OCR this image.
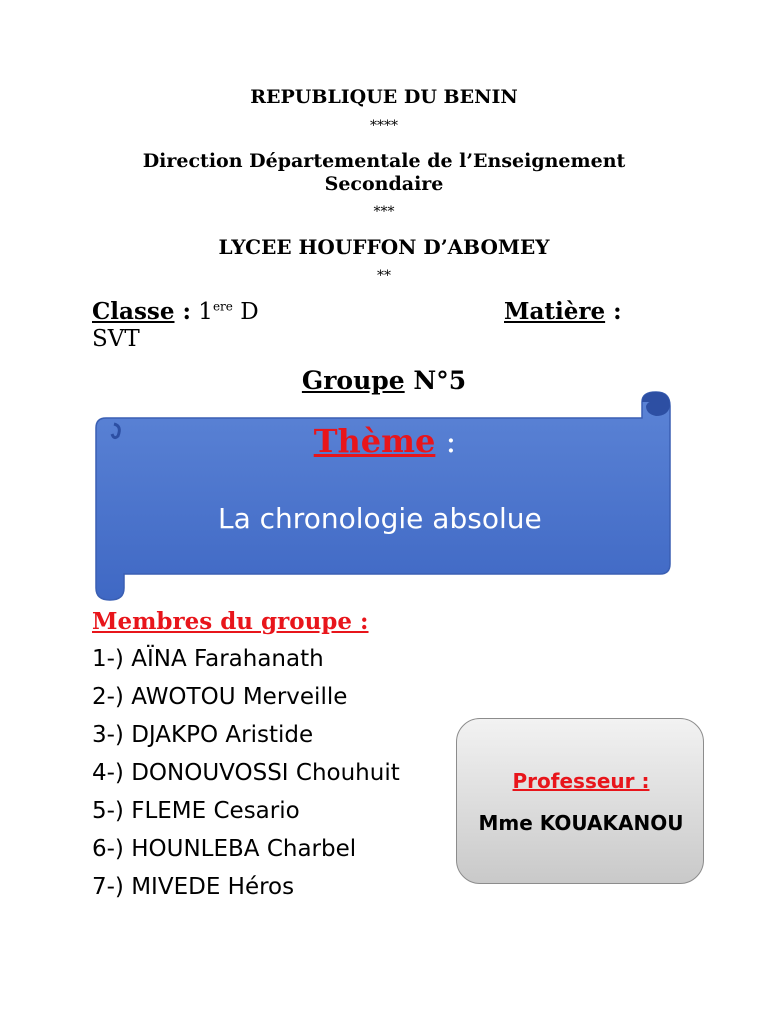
REPUBLIQUE DU BENIN
****
Direction Départementale de l’Enseignement
Secondaire
***
LYCEE HOUFFON D’ABOMEY
**
Classe : 1ere D	Matière :
SVT
Groupe N°5
Thème :
La chronologie absolue
Membres du groupe :
1-) AÏNA Farahanath
2-) AWOTOU Merveille
3-) DJAKPO Aristide
4-) DONOUVOSSI Chouhuit
5-) FLEME Cesario
6-) HOUNLEBA Charbel
7-) MIVEDE Héros
Professeur :
Mme KOUAKANOU
